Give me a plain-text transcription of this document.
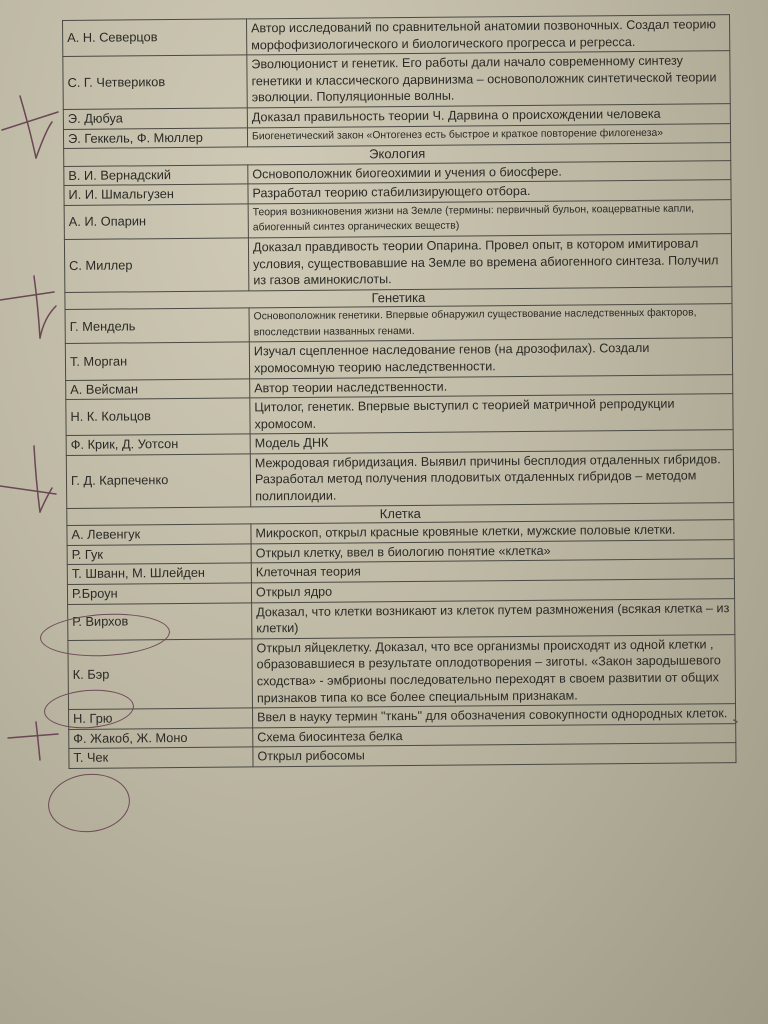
А. Н. Северцов	Автор исследований по сравнительной анатомии позвоночных. Создал теорию морфофизиологического и биологического прогресса и регресса.
С. Г. Четвериков	Эволюционист и генетик. Его работы дали начало современному синтезу генетики и классического дарвинизма – основоположник синтетической теории эволюции. Популяционные волны.
Э. Дюбуа	Доказал правильность теории Ч. Дарвина о происхождении человека
Э. Геккель, Ф. Мюллер	Биогенетический закон «Онтогенез есть быстрое и краткое повторение филогенеза»
Экология	
В. И. Вернадский	Основоположник биогеохимии и учения о биосфере.
И. И. Шмальгузен	Разработал теорию стабилизирующего отбора.
А. И. Опарин	Теория возникновения жизни на Земле (термины: первичный бульон, коацерватные капли, абиогенный синтез органических веществ)
С. Миллер	Доказал правдивость теории Опарина. Провел опыт, в котором имитировал условия, существовавшие на Земле во времена абиогенного синтеза. Получил из газов аминокислоты.
Генетика	
Г. Мендель	Основоположник генетики. Впервые обнаружил существование наследственных факторов, впоследствии названных генами.
Т. Морган	Изучал сцепленное наследование генов (на дрозофилах). Создали хромосомную теорию наследственности.
А. Вейсман	Автор теории наследственности.
Н. К. Кольцов	Цитолог, генетик. Впервые выступил с теорией матричной репродукции хромосом.
Ф. Крик, Д. Уотсон	Модель ДНК
Г. Д. Карпеченко	Межродовая гибридизация. Выявил причины бесплодия отдаленных гибридов. Разработал метод получения плодовитых отдаленных гибридов – методом полиплоидии.
Клетка	
А. Левенгук	Микроскоп, открыл красные кровяные клетки, мужские половые клетки.
Р. Гук	Открыл клетку, ввел в биологию понятие «клетка»
Т. Шванн, М. Шлейден	Клеточная теория
Р.Броун	Открыл ядро
Р. Вирхов	Доказал, что клетки возникают из клеток путем размножения (всякая клетка – из клетки)
К. Бэр	Открыл яйцеклетку. Доказал, что все организмы происходят из одной клетки , образовавшиеся в результате оплодотворения – зиготы. «Закон зародышевого сходства» - эмбрионы последовательно переходят в своем развитии от общих признаков типа ко все более специальным признакам.
Н. Грю	Ввел в науку термин "ткань" для обозначения совокупности однородных клеток.
Ф. Жакоб, Ж. Моно	Схема биосинтеза белка
Т. Чек	Открыл рибосомы
